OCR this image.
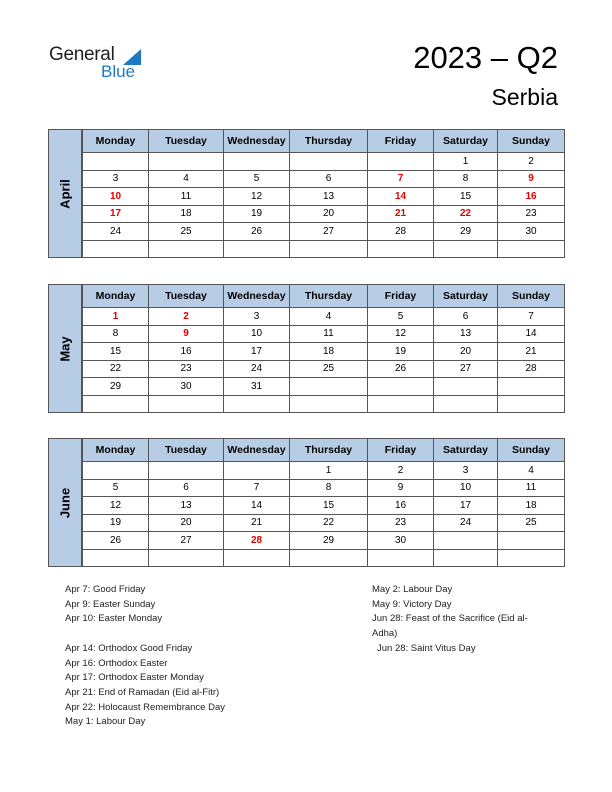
General
Blue	2023 – Q2
Serbia
Monday	Tuesday	Wednesday	Thursday	Friday	Saturday	Sunday
					1	2
3	4	5	6	7	8	9
10	11	12	13	14	15	16
17	18	19	20	21	22	23
24	25	26	27	28	29	30

April
Monday	Tuesday	Wednesday	Thursday	Friday	Saturday	Sunday
1	2	3	4	5	6	7
8	9	10	11	12	13	14
15	16	17	18	19	20	21
22	23	24	25	26	27	28
29	30	31				

May
Monday	Tuesday	Wednesday	Thursday	Friday	Saturday	Sunday
			1	2	3	4
5	6	7	8	9	10	11
12	13	14	15	16	17	18
19	20	21	22	23	24	25
26	27	28	29	30		

June
Apr 7: Good Friday
Apr 9: Easter Sunday
Apr 10: Easter Monday

Apr 14: Orthodox Good Friday
Apr 16: Orthodox Easter
Apr 17: Orthodox Easter Monday
Apr 21: End of Ramadan (Eid al-Fitr)
Apr 22: Holocaust Remembrance Day
May 1: Labour Day
May 2: Labour Day
May 9: Victory Day
Jun 28: Feast of the Sacrifice (Eid al-
Adha)
Jun 28: Saint Vitus Day
